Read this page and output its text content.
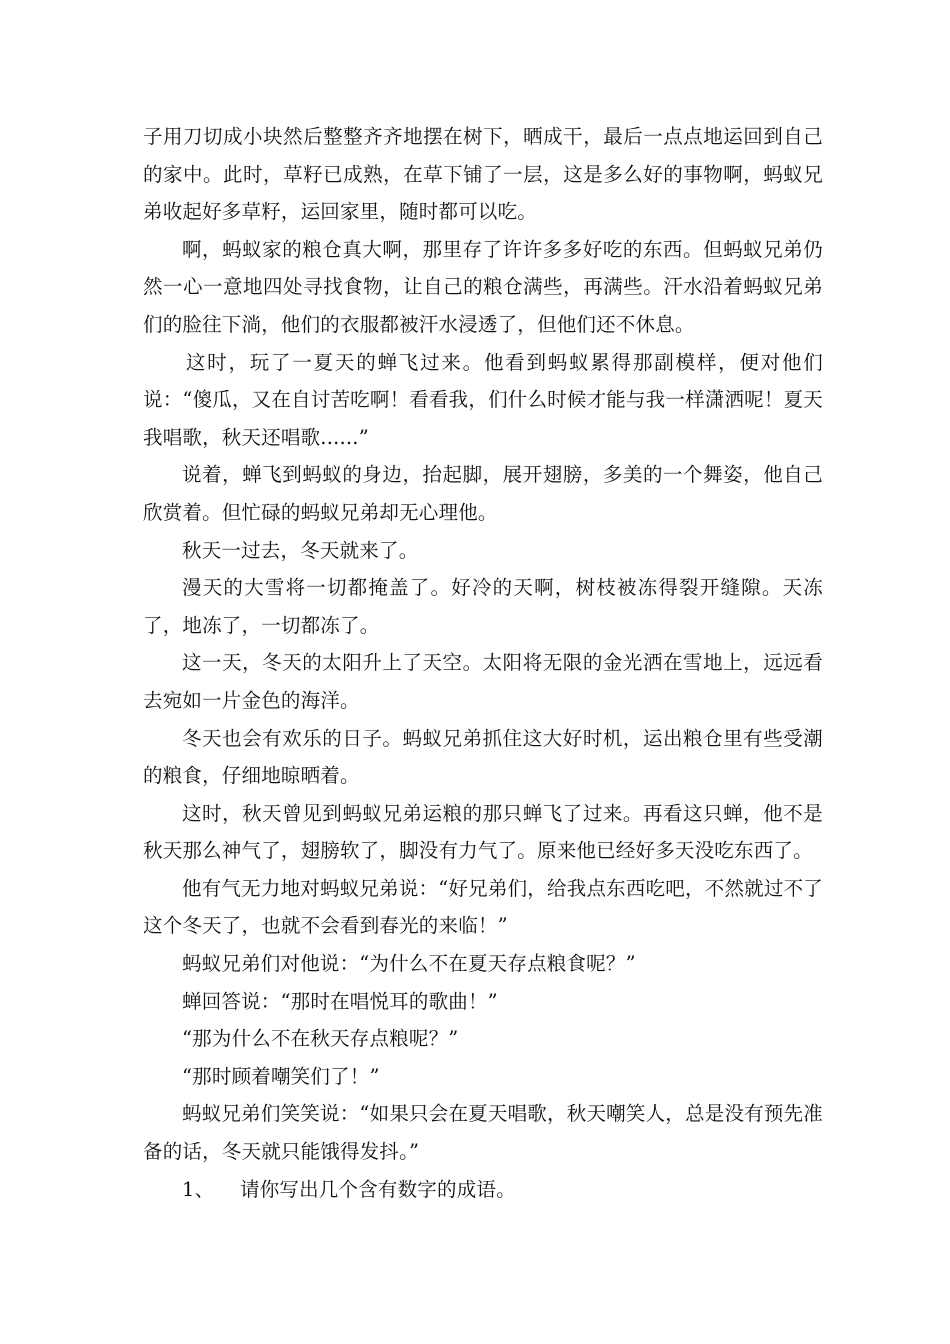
子用刀切成小块然后整整齐齐地摆在树下，晒成干，最后一点点地运回到自己的家中。此时，草籽已成熟，在草下铺了一层，这是多么好的事物啊，蚂蚁兄弟收起好多草籽，运回家里，随时都可以吃。

啊，蚂蚁家的粮仓真大啊，那里存了许许多多好吃的东西。但蚂蚁兄弟仍然一心一意地四处寻找食物，让自己的粮仓满些，再满些。汗水沿着蚂蚁兄弟们的脸往下淌，他们的衣服都被汗水浸透了，但他们还不休息。

这时，玩了一夏天的蝉飞过来。他看到蚂蚁累得那副模样，便对他们说：“傻瓜，又在自讨苦吃啊！看看我，们什么时候才能与我一样潇洒呢！夏天我唱歌，秋天还唱歌......”

说着，蝉飞到蚂蚁的身边，抬起脚，展开翅膀，多美的一个舞姿，他自己欣赏着。但忙碌的蚂蚁兄弟却无心理他。

秋天一过去，冬天就来了。

漫天的大雪将一切都掩盖了。好冷的天啊，树枝被冻得裂开缝隙。天冻了，地冻了，一切都冻了。

这一天，冬天的太阳升上了天空。太阳将无限的金光洒在雪地上，远远看去宛如一片金色的海洋。

冬天也会有欢乐的日子。蚂蚁兄弟抓住这大好时机，运出粮仓里有些受潮的粮食，仔细地晾晒着。

这时，秋天曾见到蚂蚁兄弟运粮的那只蝉飞了过来。再看这只蝉，他不是秋天那么神气了，翅膀软了，脚没有力气了。原来他已经好多天没吃东西了。

他有气无力地对蚂蚁兄弟说：“好兄弟们，给我点东西吃吧，不然就过不了这个冬天了，也就不会看到春光的来临！”

蚂蚁兄弟们对他说：“为什么不在夏天存点粮食呢？”

蝉回答说：“那时在唱悦耳的歌曲！”

“那为什么不在秋天存点粮呢？”

“那时顾着嘲笑们了！”

蚂蚁兄弟们笑笑说：“如果只会在夏天唱歌，秋天嘲笑人，总是没有预先准备的话，冬天就只能饿得发抖。”

1、 请你写出几个含有数字的成语。
